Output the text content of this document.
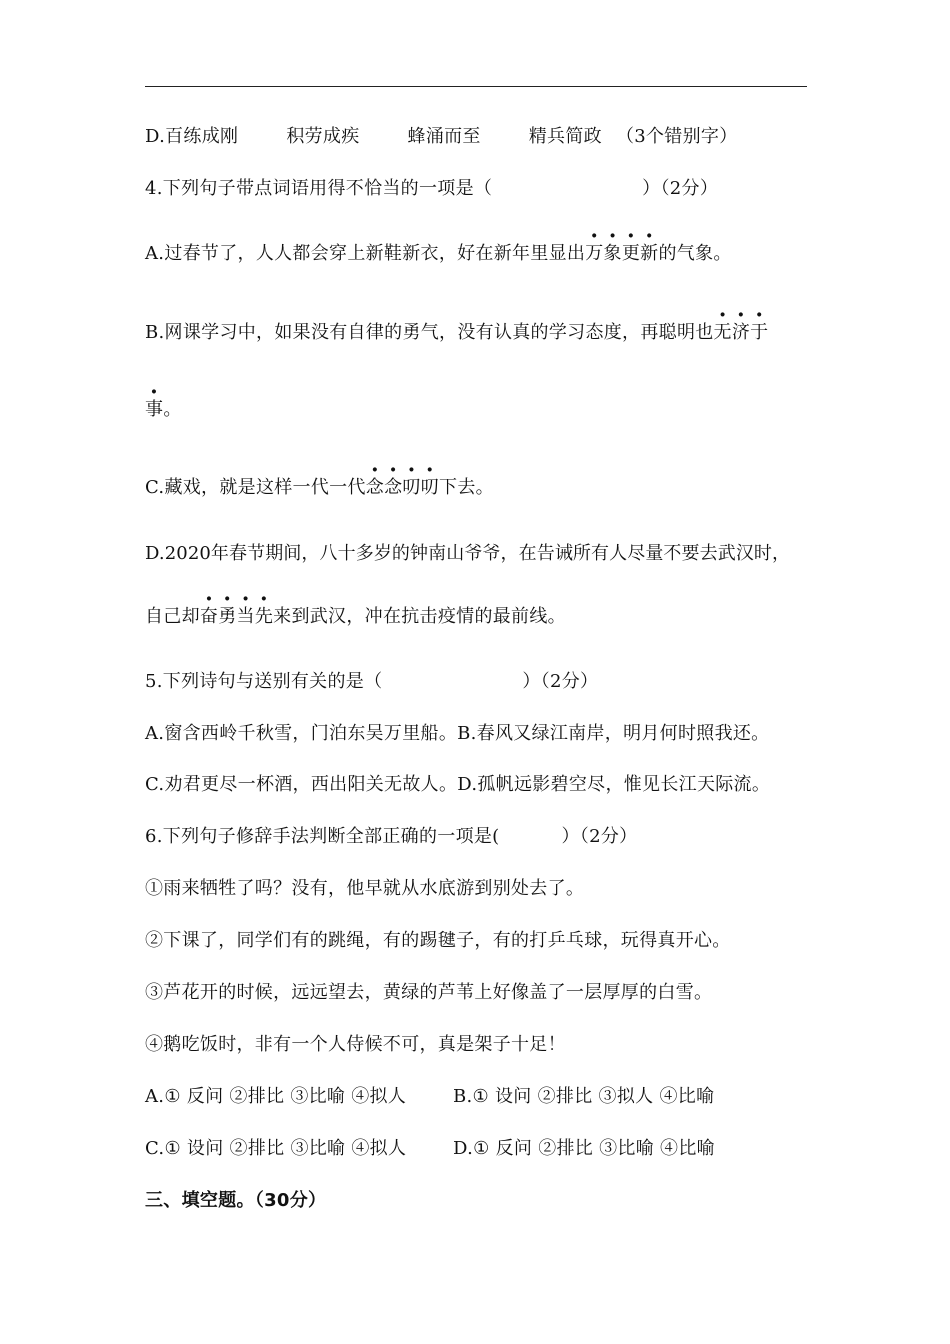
D.百练成刚	积劳成疾	蜂涌而至	精兵简政 （3个错别字）
4.下列句子带点词语用得不恰当的一项是（	）（2分）
A.过春节了，人人都会穿上新鞋新衣，好在新年里显出万象更新的气象。
B.网课学习中，如果没有自律的勇气，没有认真的学习态度，再聪明也无济于
事。
C.藏戏，就是这样一代一代念念叨叨下去。
D.2020年春节期间，八十多岁的钟南山爷爷，在告诫所有人尽量不要去武汉时，
自己却奋勇当先来到武汉，冲在抗击疫情的最前线。
5.下列诗句与送别有关的是（	）（2分）
A.窗含西岭千秋雪，门泊东吴万里船。B.春风又绿江南岸，明月何时照我还。
C.劝君更尽一杯酒，西出阳关无故人。D.孤帆远影碧空尽，惟见长江天际流。
6.下列句子修辞手法判断全部正确的一项是(	）（2分）
①雨来牺牲了吗？没有，他早就从水底游到别处去了。
②下课了，同学们有的跳绳，有的踢毽子，有的打乒乓球，玩得真开心。
③芦花开的时候，远远望去，黄绿的芦苇上好像盖了一层厚厚的白雪。
④鹅吃饭时，非有一个人侍候不可，真是架子十足！
A.① 反问 ②排比 ③比喻 ④拟人	B.① 设问 ②排比 ③拟人 ④比喻
C.① 设问 ②排比 ③比喻 ④拟人	D.① 反问 ②排比 ③比喻 ④比喻
三、填空题。（30分）
